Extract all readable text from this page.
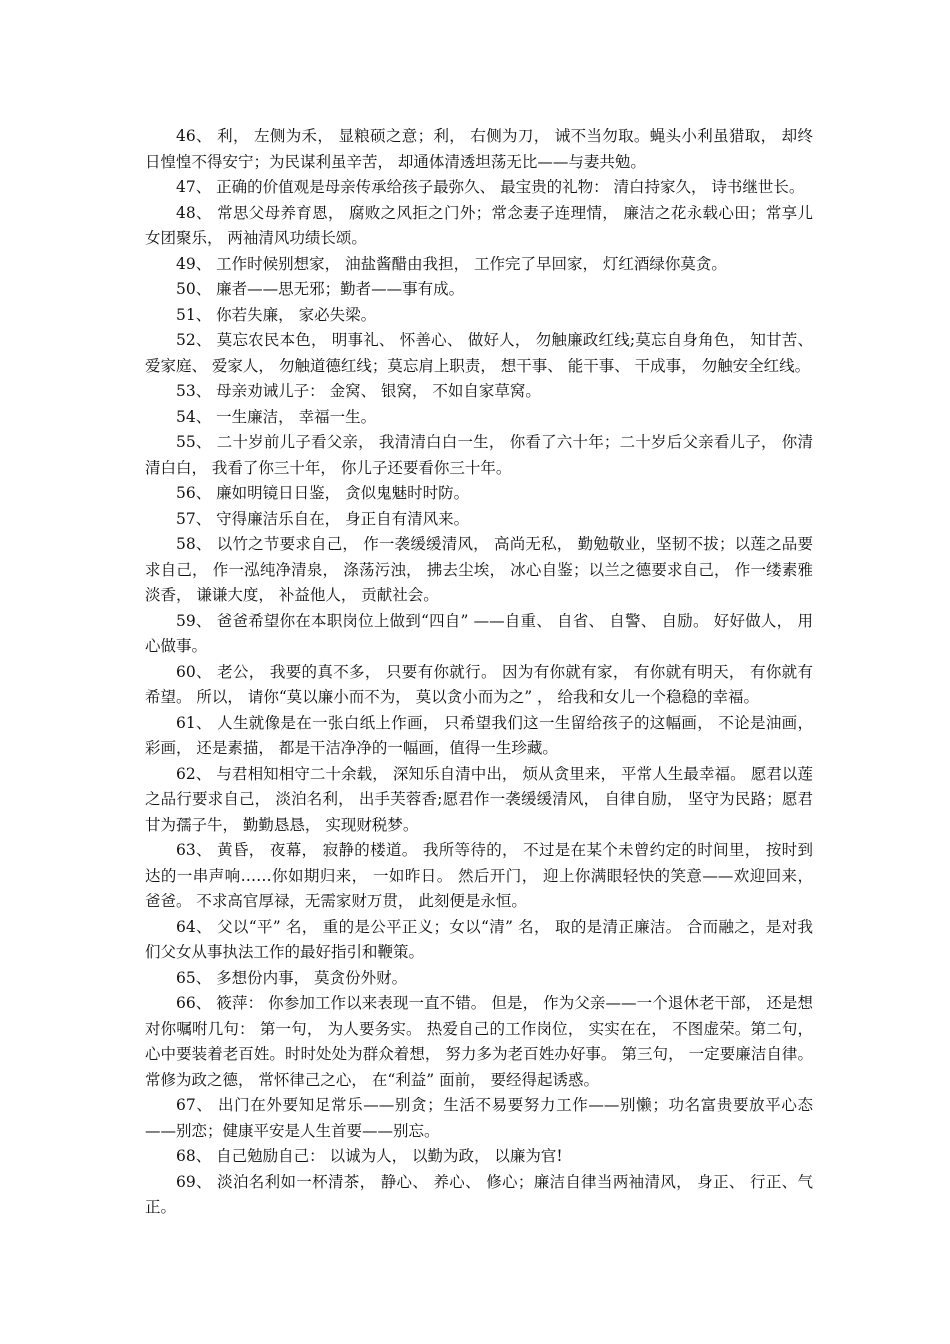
46、 利， 左侧为禾， 显粮硕之意；利， 右侧为刀， 诫不当勿取。蝇头小利虽猎取， 却终日惶惶不得安宁；为民谋利虽辛苦， 却通体清透坦荡无比——与妻共勉。

47、 正确的价值观是母亲传承给孩子最弥久、 最宝贵的礼物： 清白持家久， 诗书继世长。

48、 常思父母养育恩， 腐败之风拒之门外；常念妻子连理情， 廉洁之花永载心田；常享儿女团聚乐， 两袖清风功绩长颂。

49、 工作时候别想家， 油盐酱醋由我担， 工作完了早回家， 灯红酒绿你莫贪。

50、 廉者——思无邪；勤者——事有成。

51、 你若失廉， 家必失梁。

52、 莫忘农民本色， 明事礼、 怀善心、 做好人， 勿触廉政红线;莫忘自身角色， 知甘苦、 爱家庭、 爱家人， 勿触道德红线；莫忘肩上职责， 想干事、 能干事、 干成事， 勿触安全红线。

53、 母亲劝诫儿子： 金窝、 银窝， 不如自家草窝。

54、 一生廉洁， 幸福一生。

55、 二十岁前儿子看父亲， 我清清白白一生， 你看了六十年；二十岁后父亲看儿子， 你清清白白， 我看了你三十年， 你儿子还要看你三十年。

56、 廉如明镜日日鉴， 贪似鬼魅时时防。

57、 守得廉洁乐自在， 身正自有清风来。

58、 以竹之节要求自己， 作一袭缓缓清风， 高尚无私， 勤勉敬业，坚韧不拔；以莲之品要求自己， 作一泓纯净清泉， 涤荡污浊， 拂去尘埃， 冰心自鉴；以兰之德要求自己， 作一缕素雅淡香， 谦谦大度， 补益他人， 贡献社会。

59、 爸爸希望你在本职岗位上做到“四自” ——自重、 自省、 自警、 自励。 好好做人， 用心做事。

60、 老公， 我要的真不多， 只要有你就行。 因为有你就有家， 有你就有明天， 有你就有希望。 所以， 请你“莫以廉小而不为， 莫以贪小而为之” ， 给我和女儿一个稳稳的幸福。

61、 人生就像是在一张白纸上作画， 只希望我们这一生留给孩子的这幅画， 不论是油画，彩画， 还是素描， 都是干洁净净的一幅画，值得一生珍藏。

62、 与君相知相守二十余载， 深知乐自清中出， 烦从贪里来， 平常人生最幸福。 愿君以莲之品行要求自己， 淡泊名利， 出手芙蓉香;愿君作一袭缓缓清风， 自律自励， 坚守为民路；愿君甘为孺子牛， 勤勤恳恳， 实现财税梦。

63、 黄昏， 夜幕， 寂静的楼道。 我所等待的， 不过是在某个未曾约定的时间里， 按时到达的一串声响……你如期归来， 一如昨日。 然后开门， 迎上你满眼轻快的笑意——欢迎回来， 爸爸。 不求高官厚禄，无需家财万贯， 此刻便是永恒。

64、 父以“平” 名， 重的是公平正义；女以“清” 名， 取的是清正廉洁。 合而融之，是对我们父女从事执法工作的最好指引和鞭策。

65、 多想份内事， 莫贪份外财。

66、 筱萍： 你参加工作以来表现一直不错。 但是， 作为父亲——一个退休老干部， 还是想对你嘱咐几句： 第一句， 为人要务实。 热爱自己的工作岗位， 实实在在， 不图虚荣。第二句， 心中要装着老百姓。时时处处为群众着想， 努力多为老百姓办好事。 第三句， 一定要廉洁自律。 常修为政之德， 常怀律己之心， 在“利益” 面前， 要经得起诱惑。

67、 出门在外要知足常乐——别贪；生活不易要努力工作——别懒；功名富贵要放平心态——别恋；健康平安是人生首要——别忘。

68、 自己勉励自己： 以诚为人， 以勤为政， 以廉为官!

69、 淡泊名利如一杯清茶， 静心、 养心、 修心；廉洁自律当两袖清风， 身正、 行正、气正。
